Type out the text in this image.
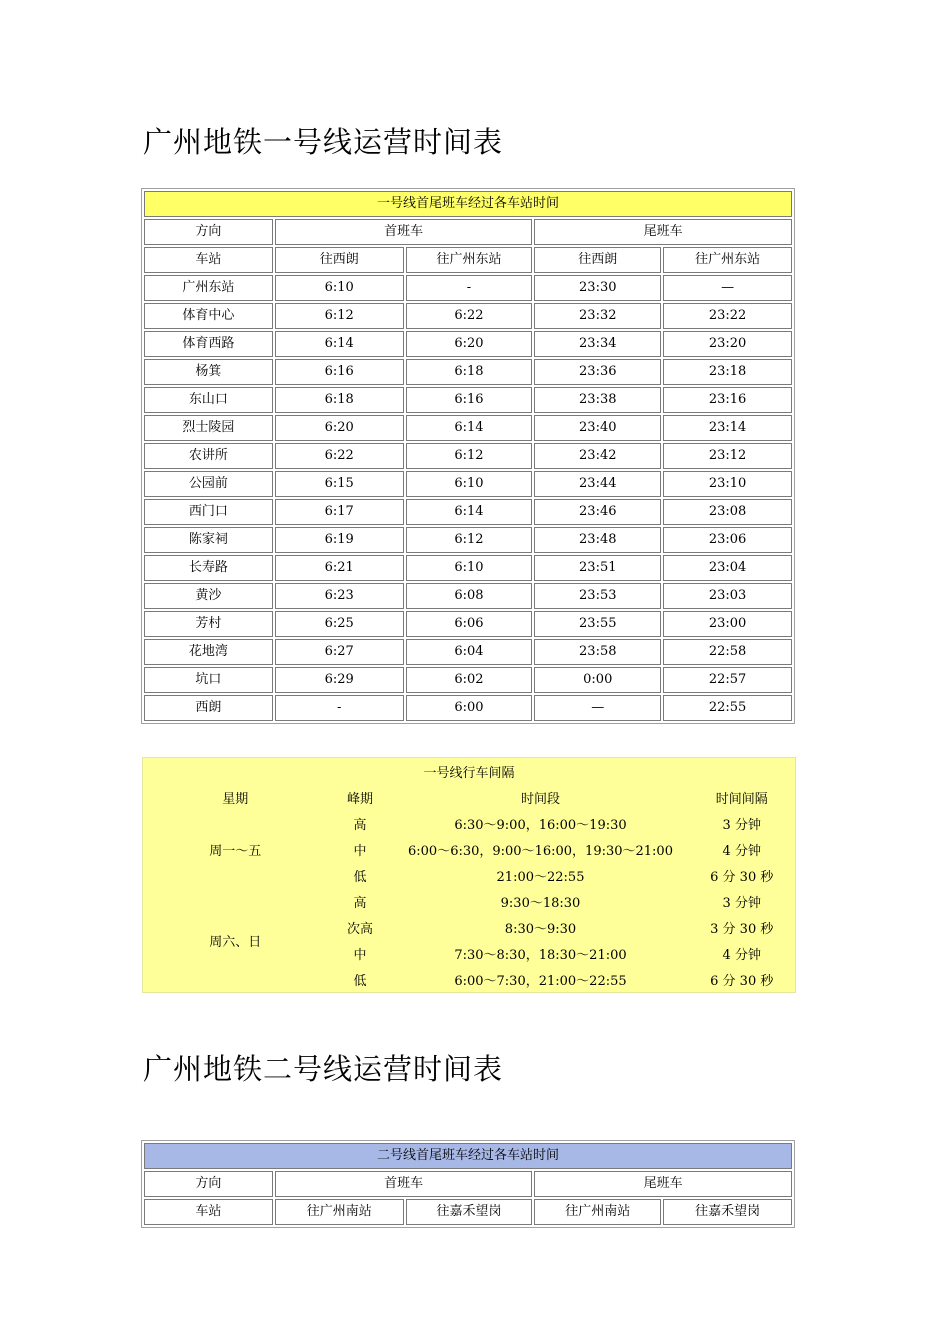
广州地铁一号线运营时间表
一号线首尾班车经过各车站时间				
方向	首班车		尾班车	
车站	往西朗	往广州东站	往西朗	往广州东站
广州东站	6:10	-	23:30	—
体育中心	6:12	6:22	23:32	23:22
体育西路	6:14	6:20	23:34	23:20
杨箕	6:16	6:18	23:36	23:18
东山口	6:18	6:16	23:38	23:16
烈士陵园	6:20	6:14	23:40	23:14
农讲所	6:22	6:12	23:42	23:12
公园前	6:15	6:10	23:44	23:10
西门口	6:17	6:14	23:46	23:08
陈家祠	6:19	6:12	23:48	23:06
长寿路	6:21	6:10	23:51	23:04
黄沙	6:23	6:08	23:53	23:03
芳村	6:25	6:06	23:55	23:00
花地湾	6:27	6:04	23:58	22:58
坑口	6:29	6:02	0:00	22:57
西朗	-	6:00	—	22:55
一号线行车间隔			
星期	峰期	时间段	时间间隔
周一～五	高	6:30～9:00，16:00～19:30	3 分钟
	中	6:00～6:30，9:00～16:00，19:30～21:00	4 分钟
	低	21:00～22:55	6 分 30 秒
周六、日	高	9:30～18:30	3 分钟
	次高	8:30～9:30	3 分 30 秒
	中	7:30～8:30，18:30～21:00	4 分钟
	低	6:00～7:30，21:00～22:55	6 分 30 秒
广州地铁二号线运营时间表
二号线首尾班车经过各车站时间				
方向	首班车		尾班车	
车站	往广州南站	往嘉禾望岗	往广州南站	往嘉禾望岗
